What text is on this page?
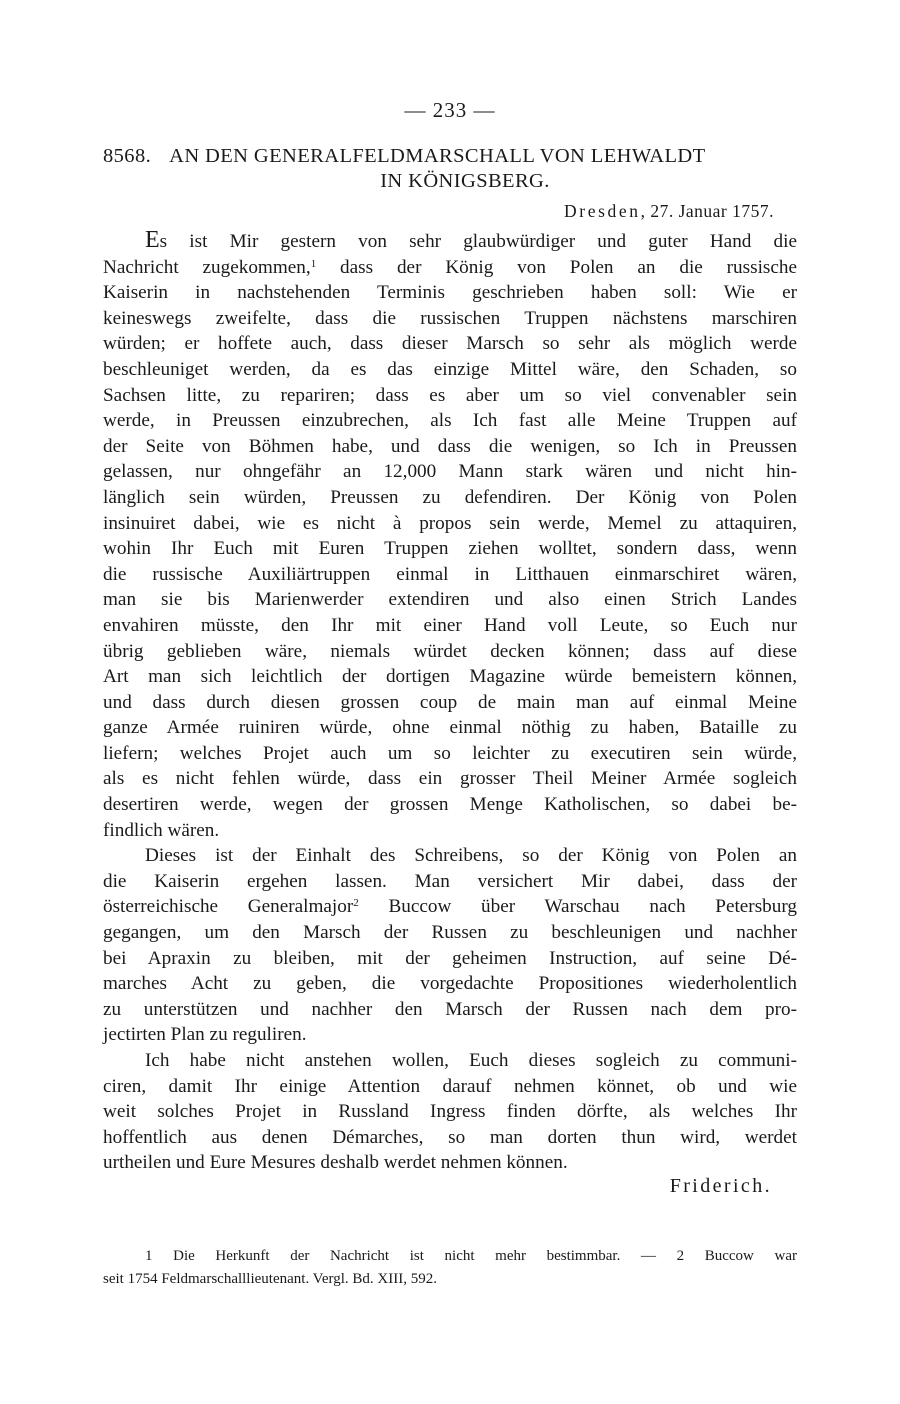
— 233 —
8568. AN DEN GENERALFELDMARSCHALL VON LEHWALDT
IN KÖNIGSBERG.
Dresden, 27. Januar 1757.

Es ist Mir gestern von sehr glaubwürdiger und guter Hand die
Nachricht zugekommen,$^1$ dass der König von Polen an die russische
Kaiserin in nachstehenden Terminis geschrieben haben soll: Wie er
keineswegs zweifelte, dass die russischen Truppen nächstens marschiren
würden; er hoffete auch, dass dieser Marsch so sehr als möglich werde
beschleuniget werden, da es das einzige Mittel wäre, den Schaden, so
Sachsen litte, zu repariren; dass es aber um so viel convenabler sein
werde, in Preussen einzubrechen, als Ich fast alle Meine Truppen auf
der Seite von Böhmen habe, und dass die wenigen, so Ich in Preussen
gelassen, nur ohngefähr an 12,000 Mann stark wären und nicht hin-
länglich sein würden, Preussen zu defendiren. Der König von Polen
insinuiret dabei, wie es nicht à propos sein werde, Memel zu attaquiren,
wohin Ihr Euch mit Euren Truppen ziehen wolltet, sondern dass, wenn
die russische Auxiliärtruppen einmal in Litthauen einmarschiret wären,
man sie bis Marienwerder extendiren und also einen Strich Landes
envahiren müsste, den Ihr mit einer Hand voll Leute, so Euch nur
übrig geblieben wäre, niemals würdet decken können; dass auf diese
Art man sich leichtlich der dortigen Magazine würde bemeistern können,
und dass durch diesen grossen coup de main man auf einmal Meine
ganze Armée ruiniren würde, ohne einmal nöthig zu haben, Bataille zu
liefern; welches Projet auch um so leichter zu executiren sein würde,
als es nicht fehlen würde, dass ein grosser Theil Meiner Armée sogleich
desertiren werde, wegen der grossen Menge Katholischen, so dabei be-
findlich wären.

Dieses ist der Einhalt des Schreibens, so der König von Polen an
die Kaiserin ergehen lassen. Man versichert Mir dabei, dass der
österreichische Generalmajor$^2$ Buccow über Warschau nach Petersburg
gegangen, um den Marsch der Russen zu beschleunigen und nachher
bei Apraxin zu bleiben, mit der geheimen Instruction, auf seine Dé-
marches Acht zu geben, die vorgedachte Propositiones wiederholentlich
zu unterstützen und nachher den Marsch der Russen nach dem pro-
jectirten Plan zu reguliren.

Ich habe nicht anstehen wollen, Euch dieses sogleich zu communi-
ciren, damit Ihr einige Attention darauf nehmen könnet, ob und wie
weit solches Projet in Russland Ingress finden dörfte, als welches Ihr
hoffentlich aus denen Démarches, so man dorten thun wird, werdet
urtheilen und Eure Mesures deshalb werdet nehmen können.

Friderich.
1 Die Herkunft der Nachricht ist nicht mehr bestimmbar. — 2 Buccow war
seit 1754 Feldmarschalllieutenant. Vergl. Bd. XIII, 592.
